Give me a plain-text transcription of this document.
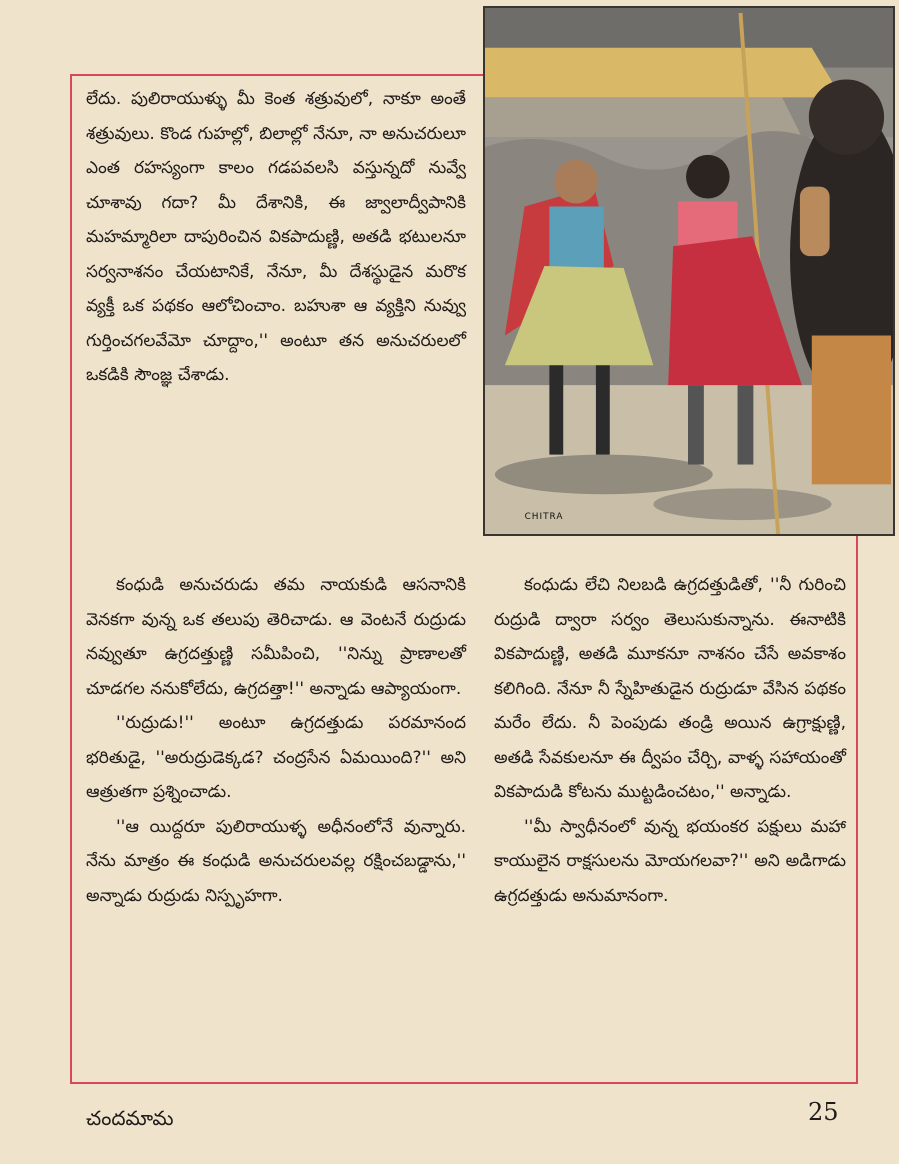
CHITRA

లేదు. పులిరాయుళ్ళు మీ కెంత శత్రువులో, నాకూ అంతే శత్రువులు. కొండ గుహల్లో, బిలాల్లో నేనూ, నా అనుచరులూ ఎంత రహస్యంగా కాలం గడపవలసి వస్తున్నదో నువ్వే చూశావు గదా? మీ దేశానికి, ఈ జ్వాలాద్వీపానికి మహమ్మారిలా దాపురించిన వికపాదుణ్ణి, అతడి భటులనూ సర్వనాశనం చేయటానికే, నేనూ, మీ దేశస్థుడైన మరొక వ్యక్తీ ఒక పథకం ఆలోచించాం. బహుశా ఆ వ్యక్తిని నువ్వు గుర్తించగలవేమో చూద్దాం,'' అంటూ తన అనుచరులలో ఒకడికి సౌంజ్ఞ చేశాడు.

కంధుడి అనుచరుడు తమ నాయకుడి ఆసనానికి వెనకగా వున్న ఒక తలుపు తెరిచాడు. ఆ వెంటనే రుద్రుడు నవ్వుతూ ఉగ్రదత్తుణ్ణి సమీపించి, ''నిన్ను ప్రాణాలతో చూడగల ననుకోలేదు, ఉగ్రదత్తా!'' అన్నాడు ఆప్యాయంగా.

''రుద్రుడు!'' అంటూ ఉగ్రదత్తుడు పరమానంద భరితుడై, ''అరుద్రుడెక్కడ? చంద్రసేన ఏమయింది?'' అని ఆత్రుతగా ప్రశ్నించాడు.

''ఆ యిద్దరూ పులిరాయుళ్ళ అధీనంలోనే వున్నారు. నేను మాత్రం ఈ కంధుడి అనుచరులవల్ల రక్షించబడ్డాను,'' అన్నాడు రుద్రుడు నిస్పృహగా.

కంధుడు లేచి నిలబడి ఉగ్రదత్తుడితో, ''నీ గురించి రుద్రుడి ద్వారా సర్వం తెలుసుకున్నాను. ఈనాటికి వికపాదుణ్ణి, అతడి మూకనూ నాశనం చేసే అవకాశం కలిగింది. నేనూ నీ స్నేహితుడైన రుద్రుడూ వేసిన పథకం మరేం లేదు. నీ పెంపుడు తండ్రి అయిన ఉగ్రాక్షుణ్ణి, అతడి సేవకులనూ ఈ ద్వీపం చేర్చి, వాళ్ళ సహాయంతో వికపాదుడి కోటను ముట్టడించటం,'' అన్నాడు.

''మీ స్వాధీనంలో వున్న భయంకర పక్షులు మహా కాయులైన రాక్షసులను మోయగలవా?'' అని అడిగాడు ఉగ్రదత్తుడు అనుమానంగా.

చందమామ	25
